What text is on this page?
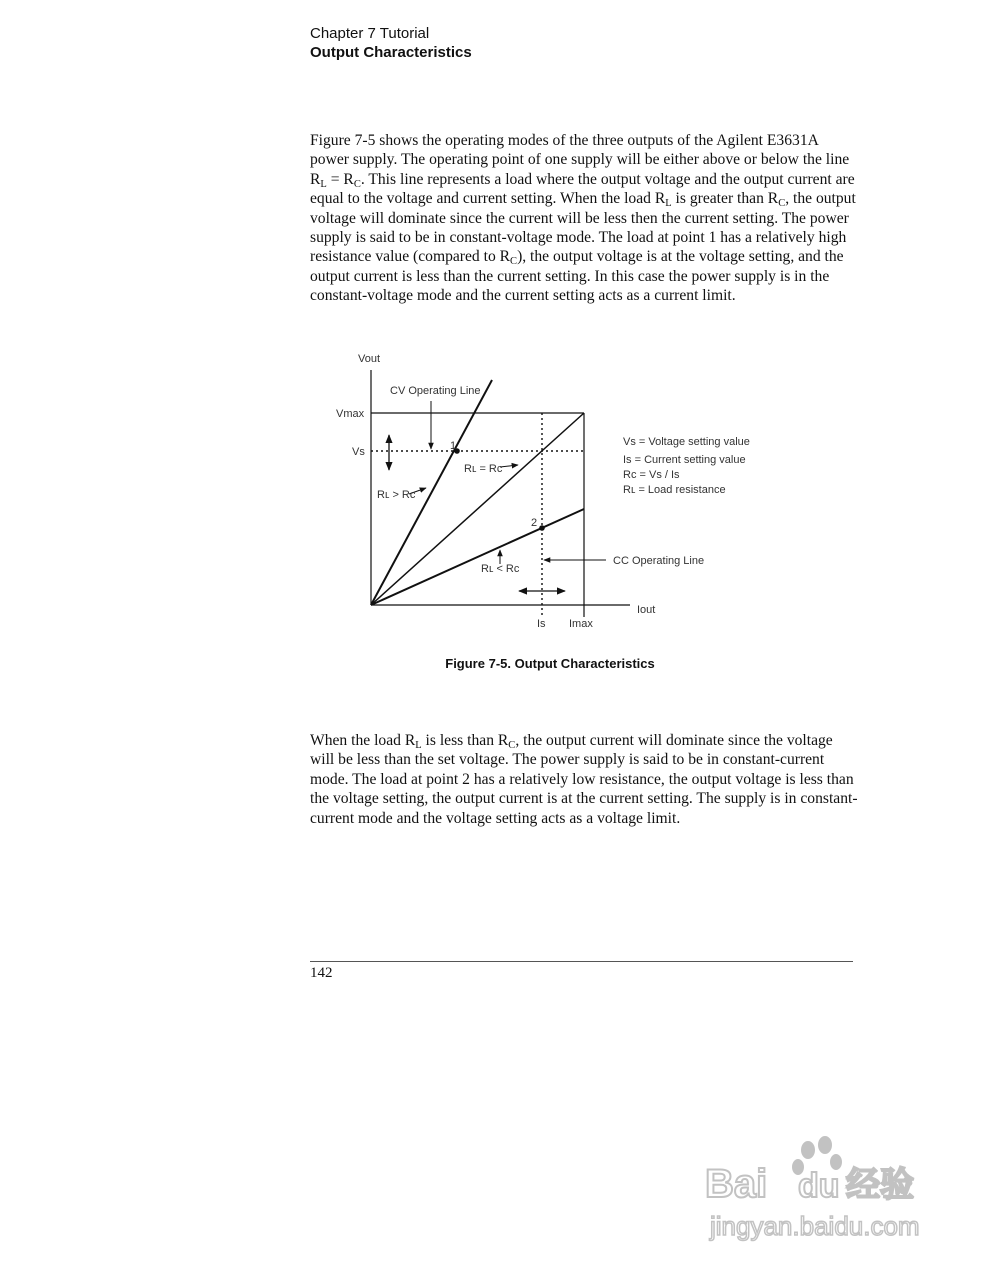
Chapter 7 Tutorial
Output Characteristics

Figure 7-5 shows the operating modes of the three outputs of the Agilent E3631A power supply. The operating point of one supply will be either above or below the line $R_L = R_C$. This line represents a load where the output voltage and the output current are equal to the voltage and current setting. When the load $R_L$ is greater than $R_C$, the output voltage will dominate since the current will be less then the current setting. The power supply is said to be in constant-voltage mode. The load at point 1 has a relatively high resistance value (compared to $R_C$), the output voltage is at the voltage setting, and the output current is less than the current setting. In this case the power supply is in the constant-voltage mode and the current setting acts as a current limit.

1
2
Vout
Iout
Vmax
Vs
Is Imax
CV Operating Line
CC Operating Line
Rʟ = Rc
Rʟ > Rc
Rʟ < Rc
Vs = Voltage setting value
Is = Current setting value
Rc = Vs / Is
Rʟ = Load resistance
Figure 7-5. Output Characteristics

When the load $R_L$ is less than $R_C$, the output current will dominate since the voltage will be less than the set voltage. The power supply is said to be in constant-current mode. The load at point 2 has a relatively low resistance, the output voltage is less than the voltage setting, the output current is at the current setting. The supply is in constant-current mode and the voltage setting acts as a voltage limit.

142
Bai du 经验
jingyan.baidu.com
